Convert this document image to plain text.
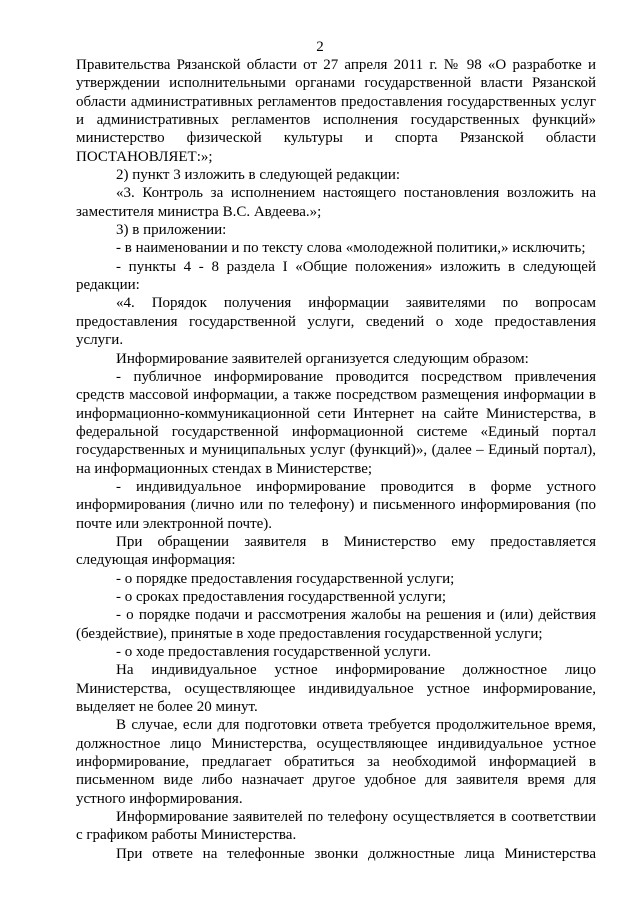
2

Правительства Рязанской области от 27 апреля 2011 г. № 98 «О разработке и утверждении исполнительными органами государственной власти Рязанской области административных регламентов предоставления государственных услуг и административных регламентов исполнения государственных функций» министерство физической культуры и спорта Рязанской области ПОСТАНОВЛЯЕТ:»;

2) пункт 3 изложить в следующей редакции:

«3. Контроль за исполнением настоящего постановления возложить на заместителя министра В.С. Авдеева.»;

3) в приложении:

- в наименовании и по тексту слова «молодежной политики,» исключить;

- пункты 4 - 8 раздела I «Общие положения» изложить в следующей редакции:

«4. Порядок получения информации заявителями по вопросам предоставления государственной услуги, сведений о ходе предоставления услуги.

Информирование заявителей организуется следующим образом:

- публичное информирование проводится посредством привлечения средств массовой информации, а также посредством размещения информации в информационно-коммуникационной сети Интернет на сайте Министерства, в федеральной государственной информационной системе «Единый портал государственных и муниципальных услуг (функций)», (далее – Единый портал), на информационных стендах в Министерстве;

- индивидуальное информирование проводится в форме устного информирования (лично или по телефону) и письменного информирования (по почте или электронной почте).

При обращении заявителя в Министерство ему предоставляется следующая информация:

- о порядке предоставления государственной услуги;

- о сроках предоставления государственной услуги;

- о порядке подачи и рассмотрения жалобы на решения и (или) действия (бездействие), принятые в ходе предоставления государственной услуги;

- о ходе предоставления государственной услуги.

На индивидуальное устное информирование должностное лицо Министерства, осуществляющее индивидуальное устное информирование, выделяет не более 20 минут.

В случае, если для подготовки ответа требуется продолжительное время, должностное лицо Министерства, осуществляющее индивидуальное устное информирование, предлагает обратиться за необходимой информацией в письменном виде либо назначает другое удобное для заявителя время для устного информирования.

Информирование заявителей по телефону осуществляется в соответствии с графиком работы Министерства.

При ответе на телефонные звонки должностные лица Министерства
